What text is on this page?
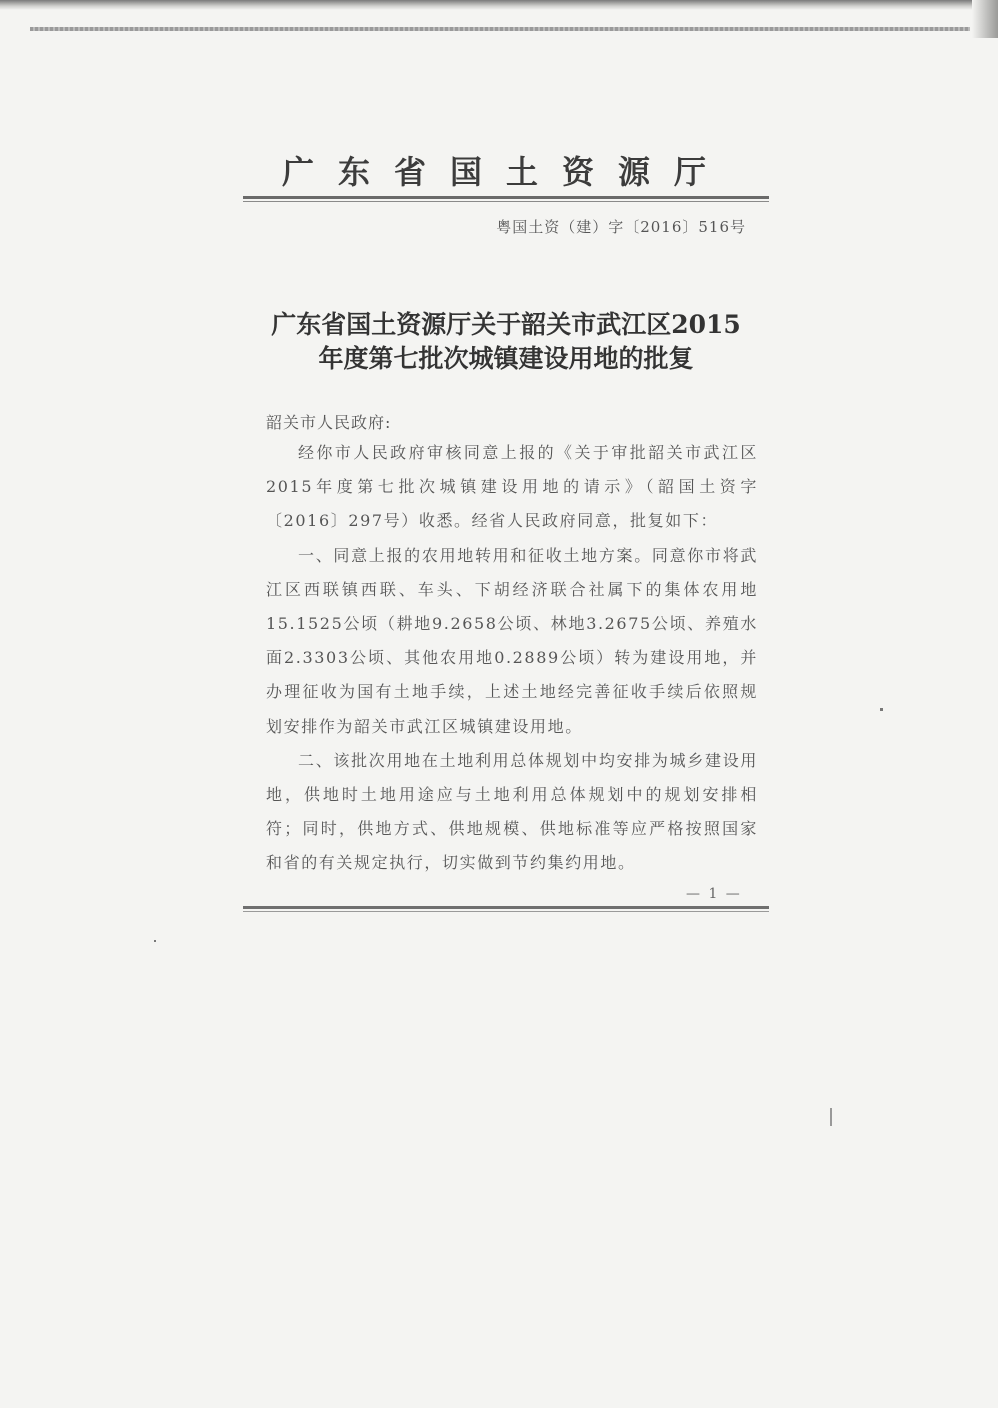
广东省国土资源厅
粤国土资（建）字〔2016〕516号
广东省国土资源厅关于韶关市武江区2015
年度第七批次城镇建设用地的批复
韶关市人民政府:

经你市人民政府审核同意上报的《关于审批韶关市武江区2015年度第七批次城镇建设用地的请示》（韶国土资字〔2016〕297号）收悉。经省人民政府同意，批复如下：

一、同意上报的农用地转用和征收土地方案。同意你市将武江区西联镇西联、车头、下胡经济联合社属下的集体农用地15.1525公顷（耕地9.2658公顷、林地3.2675公顷、养殖水面2.3303公顷、其他农用地0.2889公顷）转为建设用地，并办理征收为国有土地手续，上述土地经完善征收手续后依照规划安排作为韶关市武江区城镇建设用地。

二、该批次用地在土地利用总体规划中均安排为城乡建设用地，供地时土地用途应与土地利用总体规划中的规划安排相符；同时，供地方式、供地规模、供地标准等应严格按照国家和省的有关规定执行，切实做到节约集约用地。

— 1 —
